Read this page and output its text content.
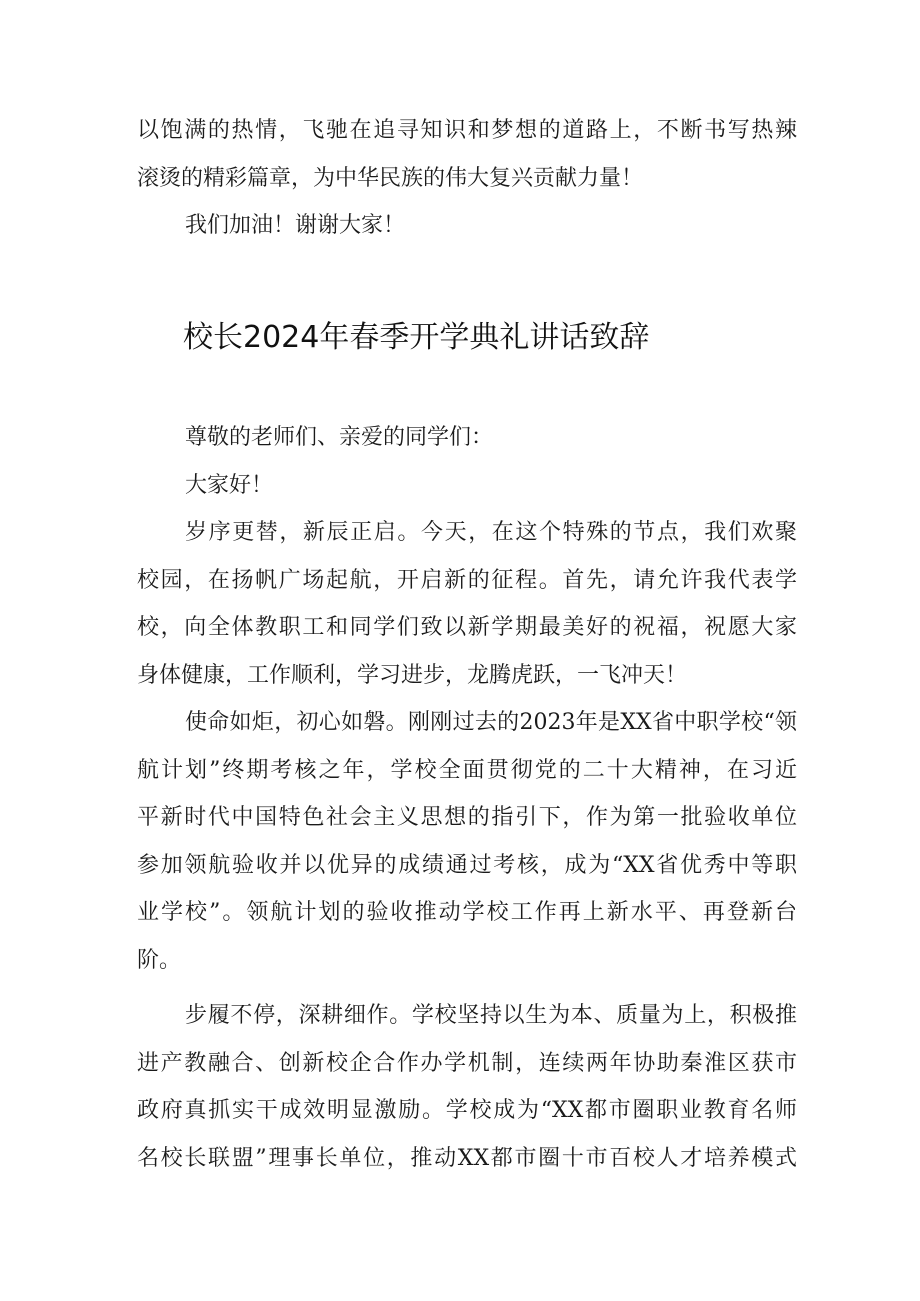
以饱满的热情，飞驰在追寻知识和梦想的道路上，不断书写热辣
滚烫的精彩篇章，为中华民族的伟大复兴贡献力量！
我们加油！谢谢大家！
校长2024年春季开学典礼讲话致辞
尊敬的老师们、亲爱的同学们：
大家好！
岁序更替，新辰正启。今天，在这个特殊的节点，我们欢聚
校园，在扬帆广场起航，开启新的征程。首先，请允许我代表学
校，向全体教职工和同学们致以新学期最美好的祝福，祝愿大家
身体健康，工作顺利，学习进步，龙腾虎跃，一飞冲天！
使命如炬，初心如磐。刚刚过去的2023年是XX省中职学校“领
航计划”终期考核之年，学校全面贯彻党的二十大精神，在习近
平新时代中国特色社会主义思想的指引下，作为第一批验收单位
参加领航验收并以优异的成绩通过考核，成为“XX省优秀中等职
业学校”。领航计划的验收推动学校工作再上新水平、再登新台
阶。
步履不停，深耕细作。学校坚持以生为本、质量为上，积极推
进产教融合、创新校企合作办学机制，连续两年协助秦淮区获市
政府真抓实干成效明显激励。学校成为“XX都市圈职业教育名师
名校长联盟”理事长单位，推动XX都市圈十市百校人才培养模式
